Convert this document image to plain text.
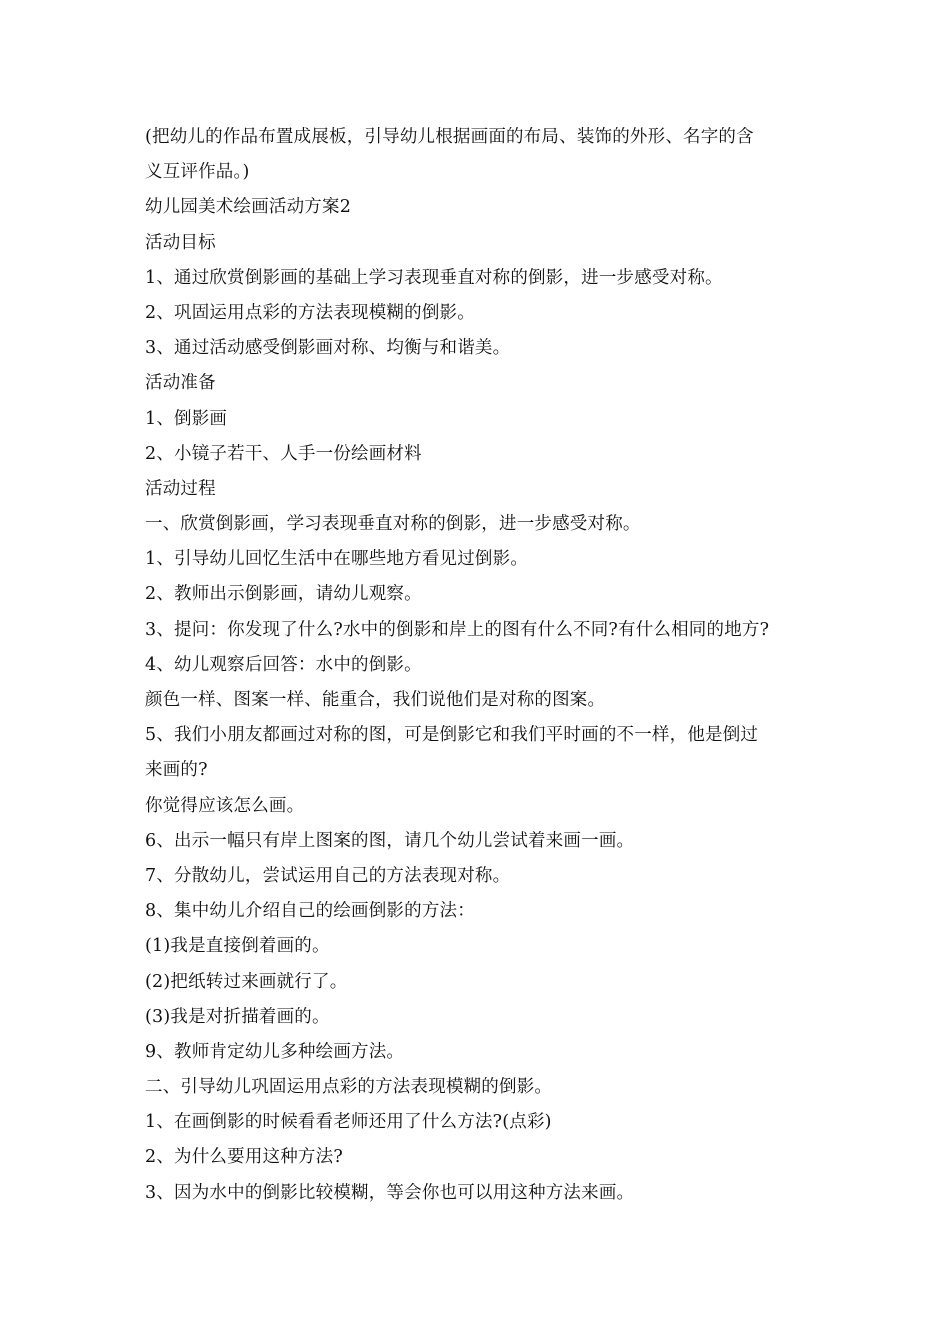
(把幼儿的作品布置成展板，引导幼儿根据画面的布局、装饰的外形、名字的含
义互评作品。)
幼儿园美术绘画活动方案2
活动目标
1、通过欣赏倒影画的基础上学习表现垂直对称的倒影，进一步感受对称。
2、巩固运用点彩的方法表现模糊的倒影。
3、通过活动感受倒影画对称、均衡与和谐美。
活动准备
1、倒影画
2、小镜子若干、人手一份绘画材料
活动过程
一、欣赏倒影画，学习表现垂直对称的倒影，进一步感受对称。
1、引导幼儿回忆生活中在哪些地方看见过倒影。
2、教师出示倒影画，请幼儿观察。
3、提问：你发现了什么?水中的倒影和岸上的图有什么不同?有什么相同的地方?
4、幼儿观察后回答：水中的倒影。
颜色一样、图案一样、能重合，我们说他们是对称的图案。
5、我们小朋友都画过对称的图，可是倒影它和我们平时画的不一样，他是倒过
来画的?
你觉得应该怎么画。
6、出示一幅只有岸上图案的图，请几个幼儿尝试着来画一画。
7、分散幼儿，尝试运用自己的方法表现对称。
8、集中幼儿介绍自己的绘画倒影的方法：
(1)我是直接倒着画的。
(2)把纸转过来画就行了。
(3)我是对折描着画的。
9、教师肯定幼儿多种绘画方法。
二、引导幼儿巩固运用点彩的方法表现模糊的倒影。
1、在画倒影的时候看看老师还用了什么方法?(点彩)
2、为什么要用这种方法?
3、因为水中的倒影比较模糊，等会你也可以用这种方法来画。
